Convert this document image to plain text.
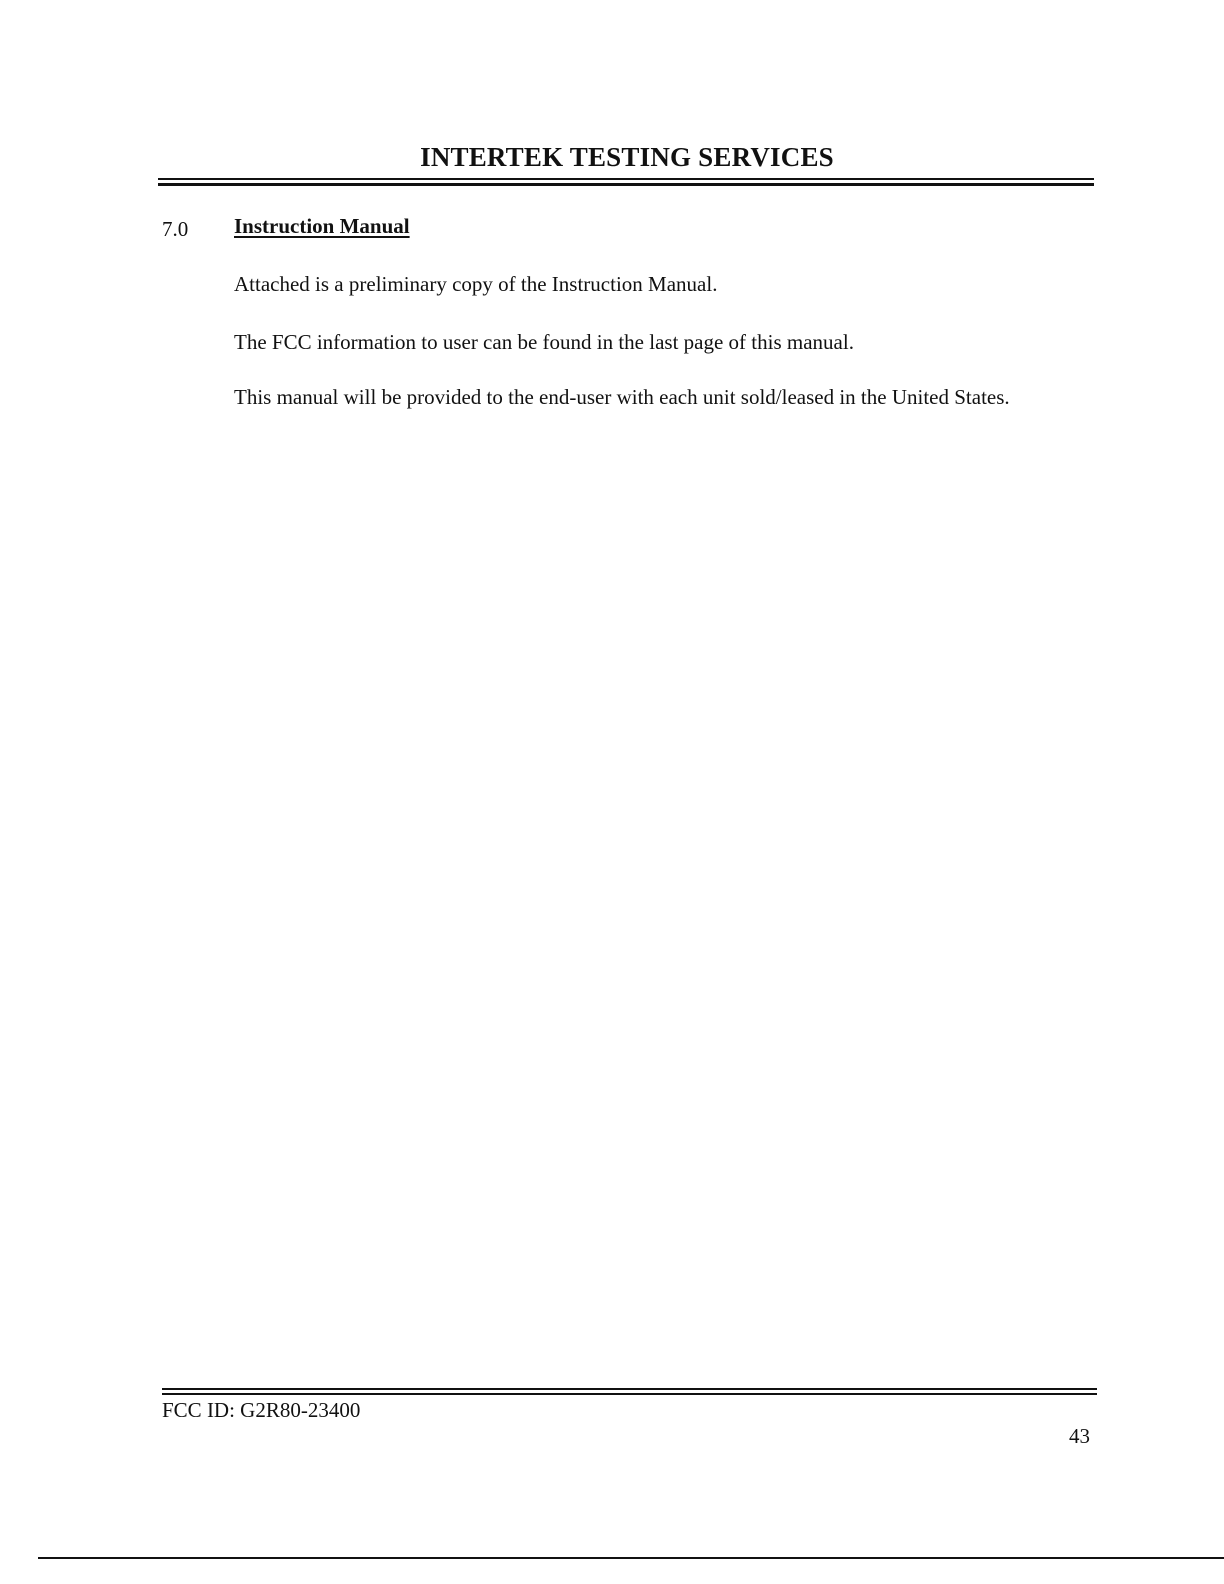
INTERTEK TESTING SERVICES
7.0 Instruction Manual
Attached is a preliminary copy of the Instruction Manual.
The FCC information to user can be found in the last page of this manual.
This manual will be provided to the end-user with each unit sold/leased in the United States.
FCC ID: G2R80-23400
43
